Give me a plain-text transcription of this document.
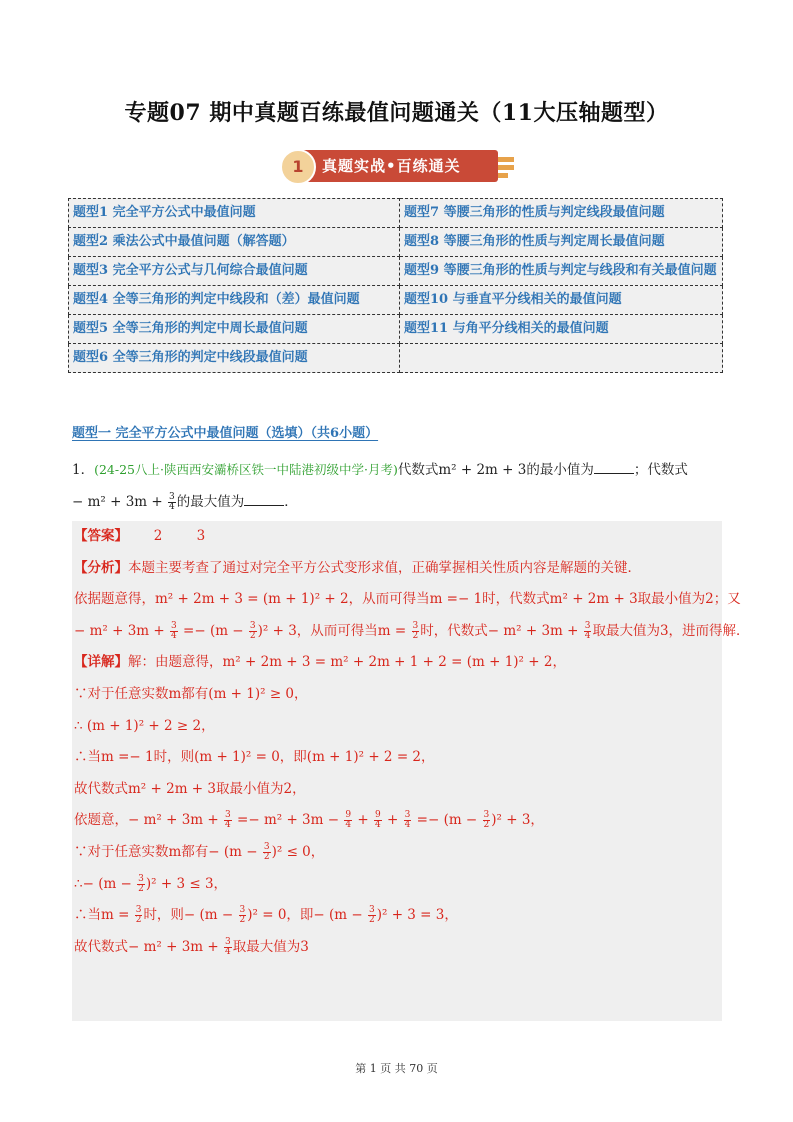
专题07 期中真题百练最值问题通关（11大压轴题型）
1	真题实战•百练通关
题型1 完全平方公式中最值问题	题型7 等腰三角形的性质与判定线段最值问题
题型2 乘法公式中最值问题（解答题）	题型8 等腰三角形的性质与判定周长最值问题
题型3 完全平方公式与几何综合最值问题	题型9 等腰三角形的性质与判定与线段和有关最值问题
题型4 全等三角形的判定中线段和（差）最值问题	题型10 与垂直平分线相关的最值问题
题型5 全等三角形的判定中周长最值问题	题型11 与角平分线相关的最值问题
题型6 全等三角形的判定中线段最值问题	
题型一 完全平方公式中最值问题（选填）（共6小题）
1．(24-25八上·陕西西安灞桥区铁一中陆港初级中学·月考)代数式m² + 2m + 3的最小值为	；代数式
− $m^2 + 3m + \frac{3}{4}$ 的最大值为	．
【答案】 2        3
【分析】本题主要考查了通过对完全平方公式变形求值，正确掌握相关性质内容是解题的关键．
依据题意得，m² + 2m + 3 = (m + 1)² + 2，从而可得当m =− 1时，代数式m² + 2m + 3取最小值为2；又
− $m^2 + 3m + \frac{3}{4} =- (m - \frac{3}{2} )^2 + 3$，从而可得当$m = \frac{3}{2}$ 时，代数式− $m^2 + 3m + \frac{3}{4}$ 取最大值为3，进而得解．
【详解】解：由题意得，m² + 2m + 3 = m² + 2m + 1 + 2 = (m + 1)² + 2，
∵对于任意实数m都有(m + 1)² ≥ 0，
∴ (m + 1)² + 2 ≥ 2，
∴当m =− 1时，则(m + 1)² = 0，即(m + 1)² + 2 = 2，
故代数式m² + 2m + 3取最小值为2，
依题意，− $m^2 + 3m + \frac{3}{4} =- m^2 + 3m - \frac{9}{4} + \frac{9}{4} + \frac{3}{4} =- (m - \frac{3}{2} )^2 + 3$，
∵对于任意实数m都有− $(m - \frac{3}{2} )^2 \le 0$，
∴− $(m - \frac{3}{2} )^2 + 3 \le 3$，
∴当$m = \frac{3}{2}$ 时，则− $(m - \frac{3}{2} )^2 = 0$，即− $(m - \frac{3}{2} )^2 + 3 = 3$，
故代数式− $m^2 + 3m + \frac{3}{4}$ 取最大值为3
第 1 页 共 70 页
